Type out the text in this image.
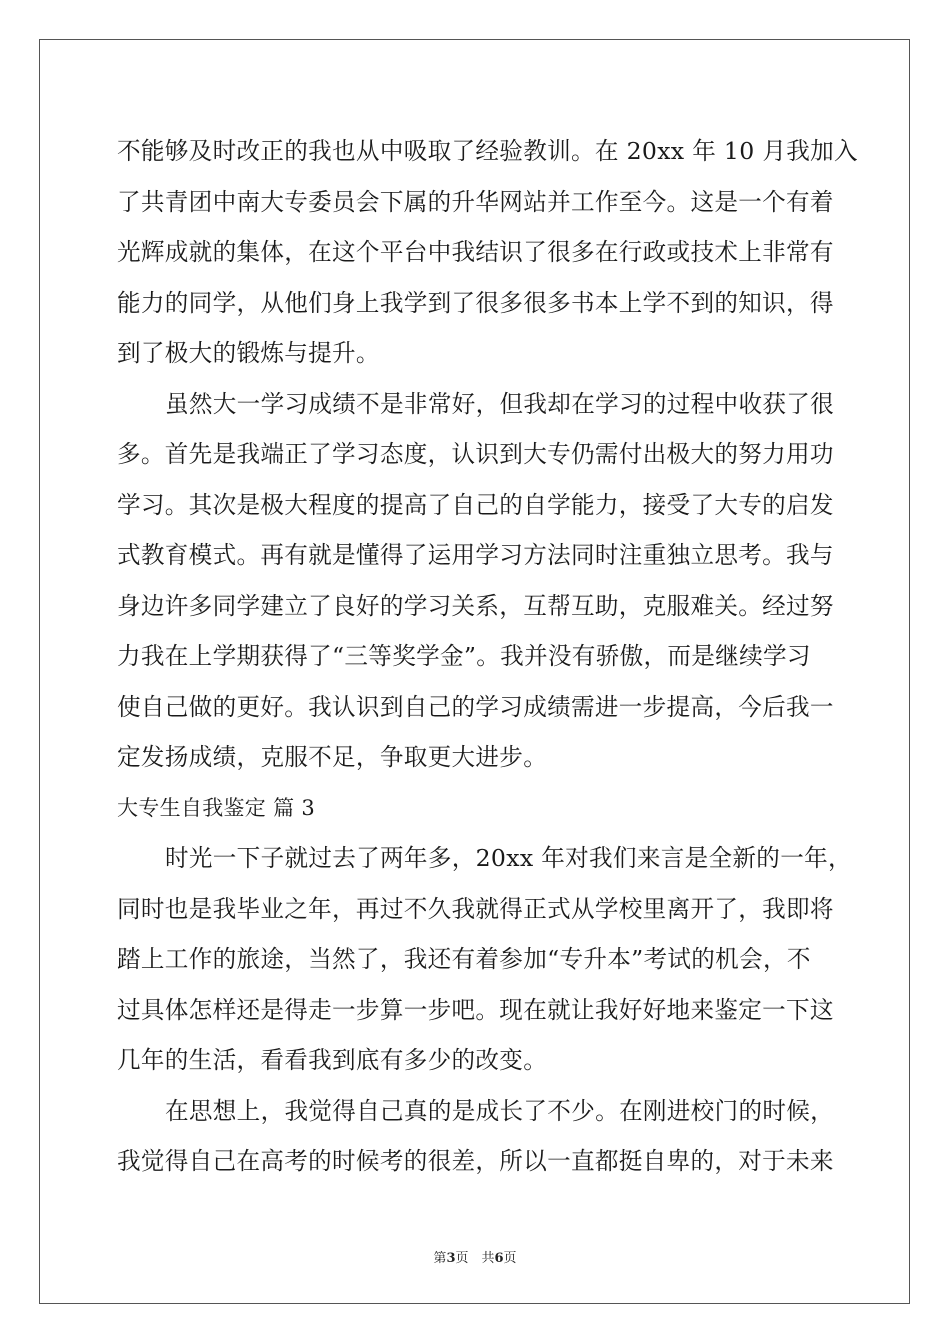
不能够及时改正的我也从中吸取了经验教训。在 20xx 年 10 月我加入
了共青团中南大专委员会下属的升华网站并工作至今。这是一个有着
光辉成就的集体，在这个平台中我结识了很多在行政或技术上非常有
能力的同学，从他们身上我学到了很多很多书本上学不到的知识，得
到了极大的锻炼与提升。
虽然大一学习成绩不是非常好，但我却在学习的过程中收获了很
多。首先是我端正了学习态度，认识到大专仍需付出极大的努力用功
学习。其次是极大程度的提高了自己的自学能力，接受了大专的启发
式教育模式。再有就是懂得了运用学习方法同时注重独立思考。我与
身边许多同学建立了良好的学习关系，互帮互助，克服难关。经过努
力我在上学期获得了“三等奖学金”。我并没有骄傲，而是继续学习
使自己做的更好。我认识到自己的学习成绩需进一步提高，今后我一
定发扬成绩，克服不足，争取更大进步。
大专生自我鉴定 篇 3
时光一下子就过去了两年多，20xx 年对我们来言是全新的一年，
同时也是我毕业之年，再过不久我就得正式从学校里离开了，我即将
踏上工作的旅途，当然了，我还有着参加“专升本”考试的机会，不
过具体怎样还是得走一步算一步吧。现在就让我好好地来鉴定一下这
几年的生活，看看我到底有多少的改变。
在思想上，我觉得自己真的是成长了不少。在刚进校门的时候，
我觉得自己在高考的时候考的很差，所以一直都挺自卑的，对于未来
第3页　共6页
